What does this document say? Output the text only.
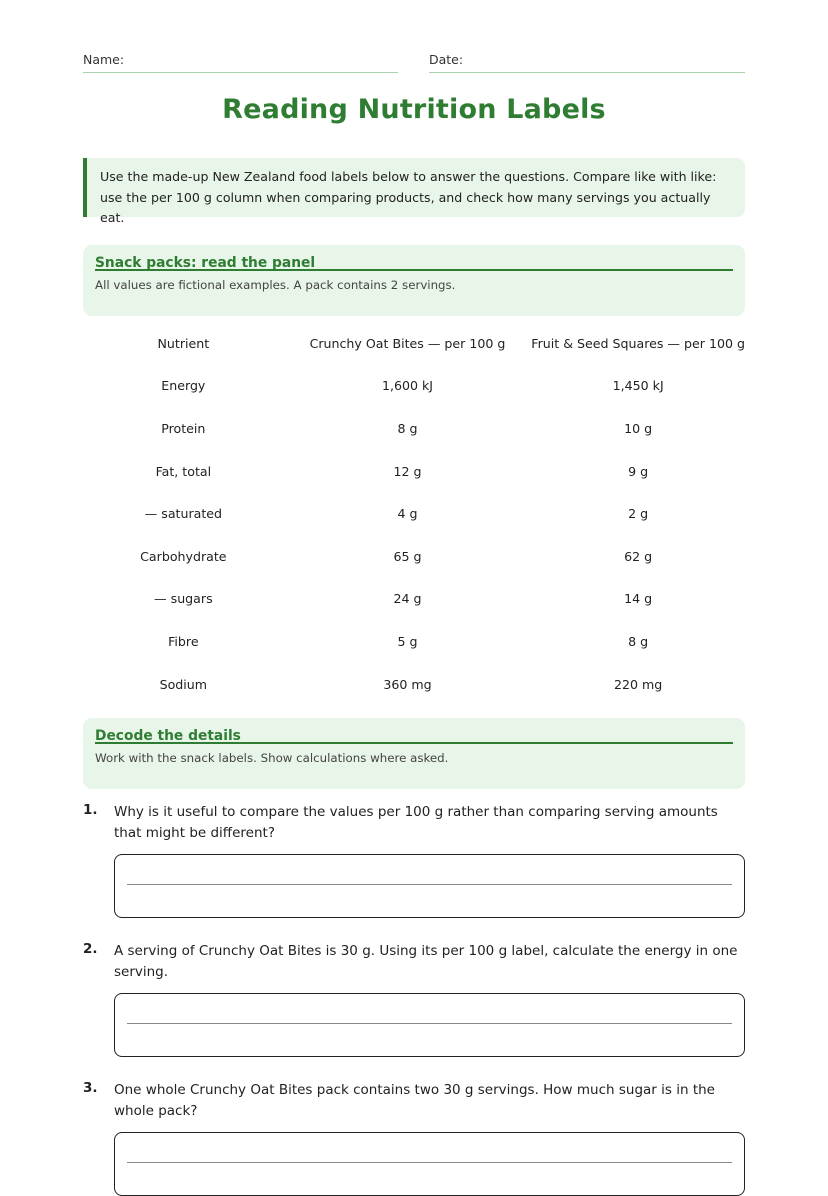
Name:	Date:
Reading Nutrition Labels
Use the made-up New Zealand food labels below to answer the questions. Compare like with like: use the per 100 g column when comparing products, and check how many servings you actually eat.
Snack packs: read the panel
All values are fictional examples. A pack contains 2 servings.
Nutrient	Crunchy Oat Bites — per 100 g	Fruit & Seed Squares — per 100 g
Energy	1,600 kJ	1,450 kJ
Protein	8 g	10 g
Fat, total	12 g	9 g
— saturated	4 g	2 g
Carbohydrate	65 g	62 g
— sugars	24 g	14 g
Fibre	5 g	8 g
Sodium	360 mg	220 mg
Decode the details
Work with the snack labels. Show calculations where asked.
1. Why is it useful to compare the values per 100 g rather than comparing serving amounts that might be different?
2. A serving of Crunchy Oat Bites is 30 g. Using its per 100 g label, calculate the energy in one serving.
3. One whole Crunchy Oat Bites pack contains two 30 g servings. How much sugar is in the whole pack?
